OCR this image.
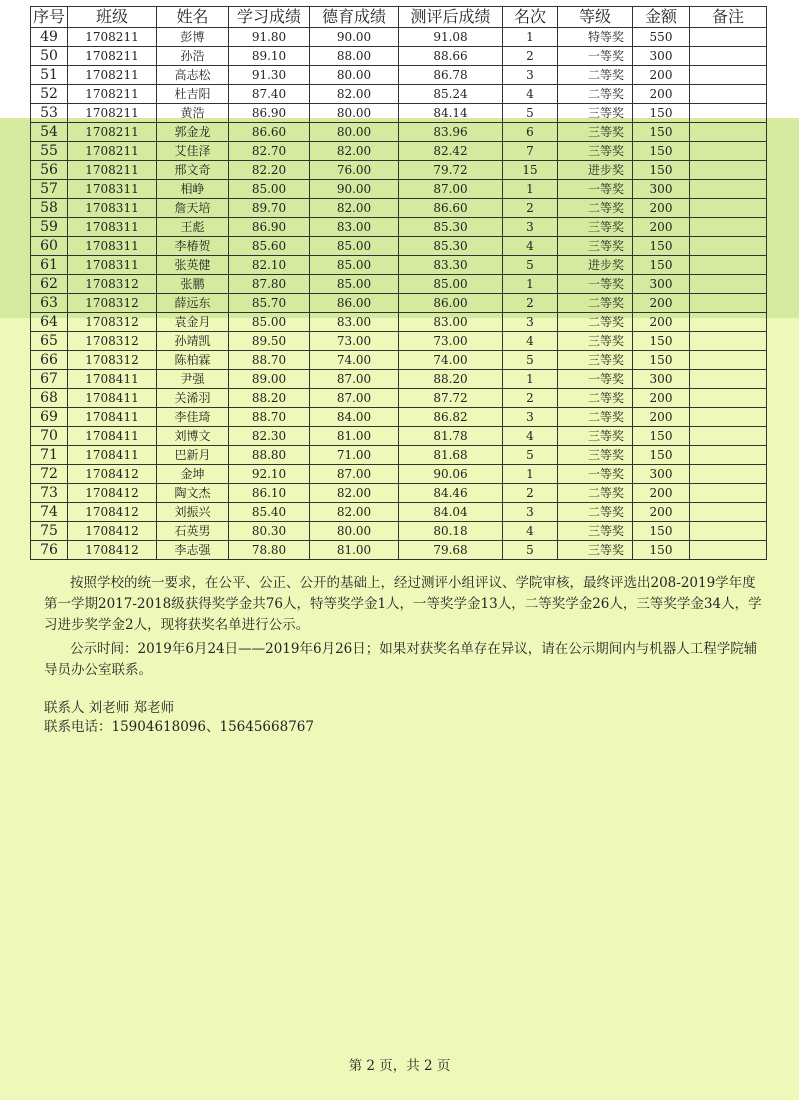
序号	班级	姓名	学习成绩	德育成绩	测评后成绩	名次	等级	金额	备注
49	1708211	彭博	91.80	90.00	91.08	1	特等奖	550	
50	1708211	孙浩	89.10	88.00	88.66	2	一等奖	300	
51	1708211	高志松	91.30	80.00	86.78	3	二等奖	200	
52	1708211	杜吉阳	87.40	82.00	85.24	4	二等奖	200	
53	1708211	黄浩	86.90	80.00	84.14	5	三等奖	150	
54	1708211	郭金龙	86.60	80.00	83.96	6	三等奖	150	
55	1708211	艾佳泽	82.70	82.00	82.42	7	三等奖	150	
56	1708211	邢文奇	82.20	76.00	79.72	15	进步奖	150	
57	1708311	相峥	85.00	90.00	87.00	1	一等奖	300	
58	1708311	詹天培	89.70	82.00	86.60	2	二等奖	200	
59	1708311	王彪	86.90	83.00	85.30	3	三等奖	200	
60	1708311	李椿贺	85.60	85.00	85.30	4	三等奖	150	
61	1708311	张英健	82.10	85.00	83.30	5	进步奖	150	
62	1708312	张鹏	87.80	85.00	85.00	1	一等奖	300	
63	1708312	薛远东	85.70	86.00	86.00	2	二等奖	200	
64	1708312	袁金月	85.00	83.00	83.00	3	二等奖	200	
65	1708312	孙靖凯	89.50	73.00	73.00	4	三等奖	150	
66	1708312	陈柏霖	88.70	74.00	74.00	5	三等奖	150	
67	1708411	尹强	89.00	87.00	88.20	1	一等奖	300	
68	1708411	关浠羽	88.20	87.00	87.72	2	二等奖	200	
69	1708411	李佳琦	88.70	84.00	86.82	3	二等奖	200	
70	1708411	刘博文	82.30	81.00	81.78	4	三等奖	150	
71	1708411	巴新月	88.80	71.00	81.68	5	三等奖	150	
72	1708412	金坤	92.10	87.00	90.06	1	一等奖	300	
73	1708412	陶文杰	86.10	82.00	84.46	2	二等奖	200	
74	1708412	刘振兴	85.40	82.00	84.04	3	二等奖	200	
75	1708412	石英男	80.30	80.00	80.18	4	三等奖	150	
76	1708412	李志强	78.80	81.00	79.68	5	三等奖	150	
按照学校的统一要求，在公平、公正、公开的基础上，经过测评小组评议、学院审核，最终评选出208-2019学年度第一学期2017-2018级获得奖学金共76人，特等奖学金1人，一等奖学金13人，二等奖学金26人，三等奖学金34人，学习进步奖学金2人，现将获奖名单进行公示。
公示时间：2019年6月24日——2019年6月26日；如果对获奖名单存在异议，请在公示期间内与机器人工程学院辅导员办公室联系。
联系人 刘老师 郑老师
联系电话：15904618096、15645668767
第 2 页，共 2 页
